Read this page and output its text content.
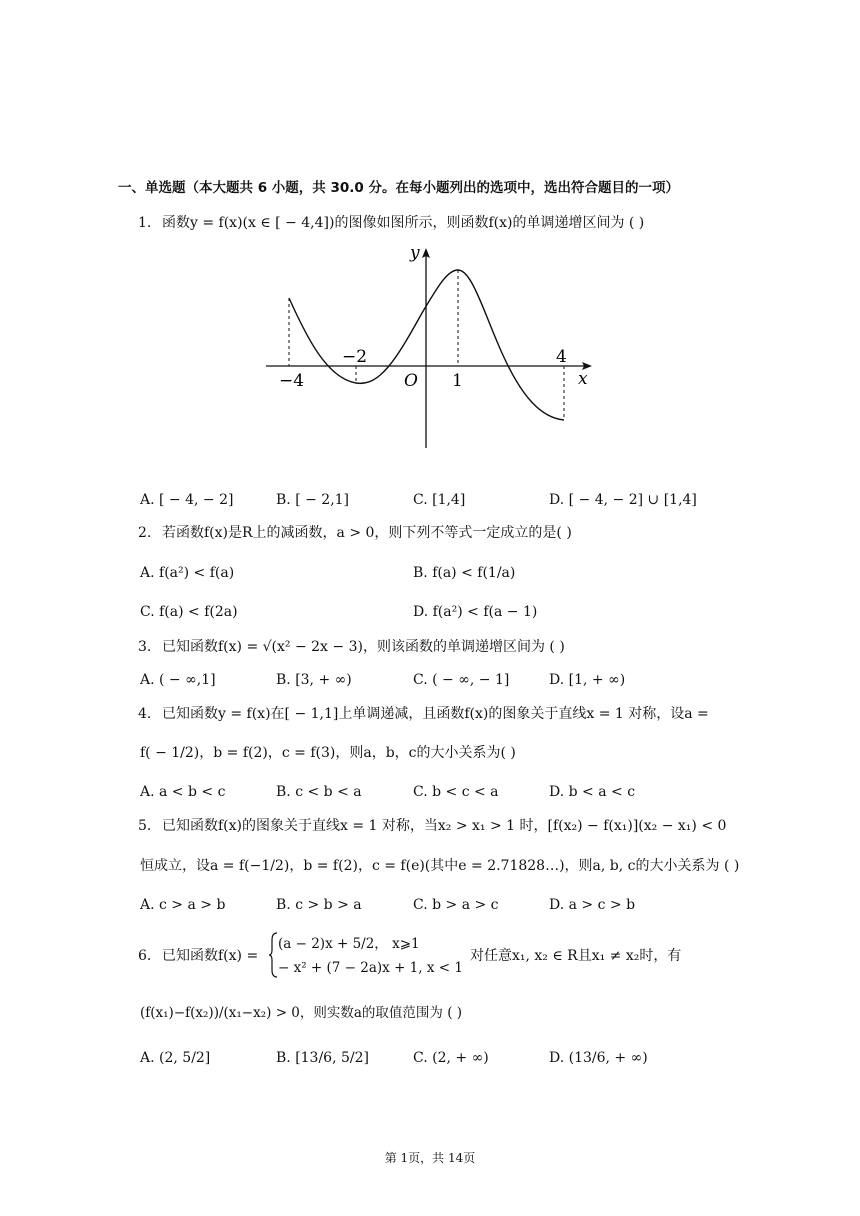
一、单选题（本大题共 6 小题，共 30.0 分。在每小题列出的选项中，选出符合题目的一项）
1. 函数y = f(x)(x ∈ [ − 4,4])的图像如图所示，则函数f(x)的单调递增区间为 ( )
y
x
O
−4
−2
1
4
A. [ − 4, − 2]	B. [ − 2,1]	C. [1,4]	D. [ − 4, − 2] ∪ [1,4]
2. 若函数f(x)是R上的减函数，a > 0，则下列不等式一定成立的是( )
A. f(a²) < f(a)	B. f(a) < f(1/a)
C. f(a) < f(2a)	D. f(a²) < f(a − 1)
3. 已知函数f(x) = √(x² − 2x − 3)，则该函数的单调递增区间为 ( )
A. ( − ∞,1]	B. [3, + ∞)	C. ( − ∞, − 1]	D. [1, + ∞)
4. 已知函数y = f(x)在[ − 1,1]上单调递减，且函数f(x)的图象关于直线x = 1 对称，设a =
f( − 1/2)，b = f(2)，c = f(3)，则a，b，c的大小关系为( )
A. a < b < c	B. c < b < a	C. b < c < a	D. b < a < c
5. 已知函数f(x)的图象关于直线x = 1 对称，当x₂ > x₁ > 1 时，[f(x₂) − f(x₁)](x₂ − x₁) < 0
恒成立，设a = f(−1/2)，b = f(2)，c = f(e)(其中e = 2.71828…)，则a, b, c的大小关系为 ( )
A. c > a > b	B. c > b > a	C. b > a > c	D. a > c > b
6. 已知函数f(x) =
(a − 2)x + 5/2， x⩾1
− x² + (7 − 2a)x + 1, x < 1
对任意x₁, x₂ ∈ R且x₁ ≠ x₂时，有
(f(x₁)−f(x₂))/(x₁−x₂) > 0，则实数a的取值范围为 ( )
A. (2, 5/2]	B. [13/6, 5/2]	C. (2, + ∞)	D. (13/6, + ∞)
第 1页，共 14页
